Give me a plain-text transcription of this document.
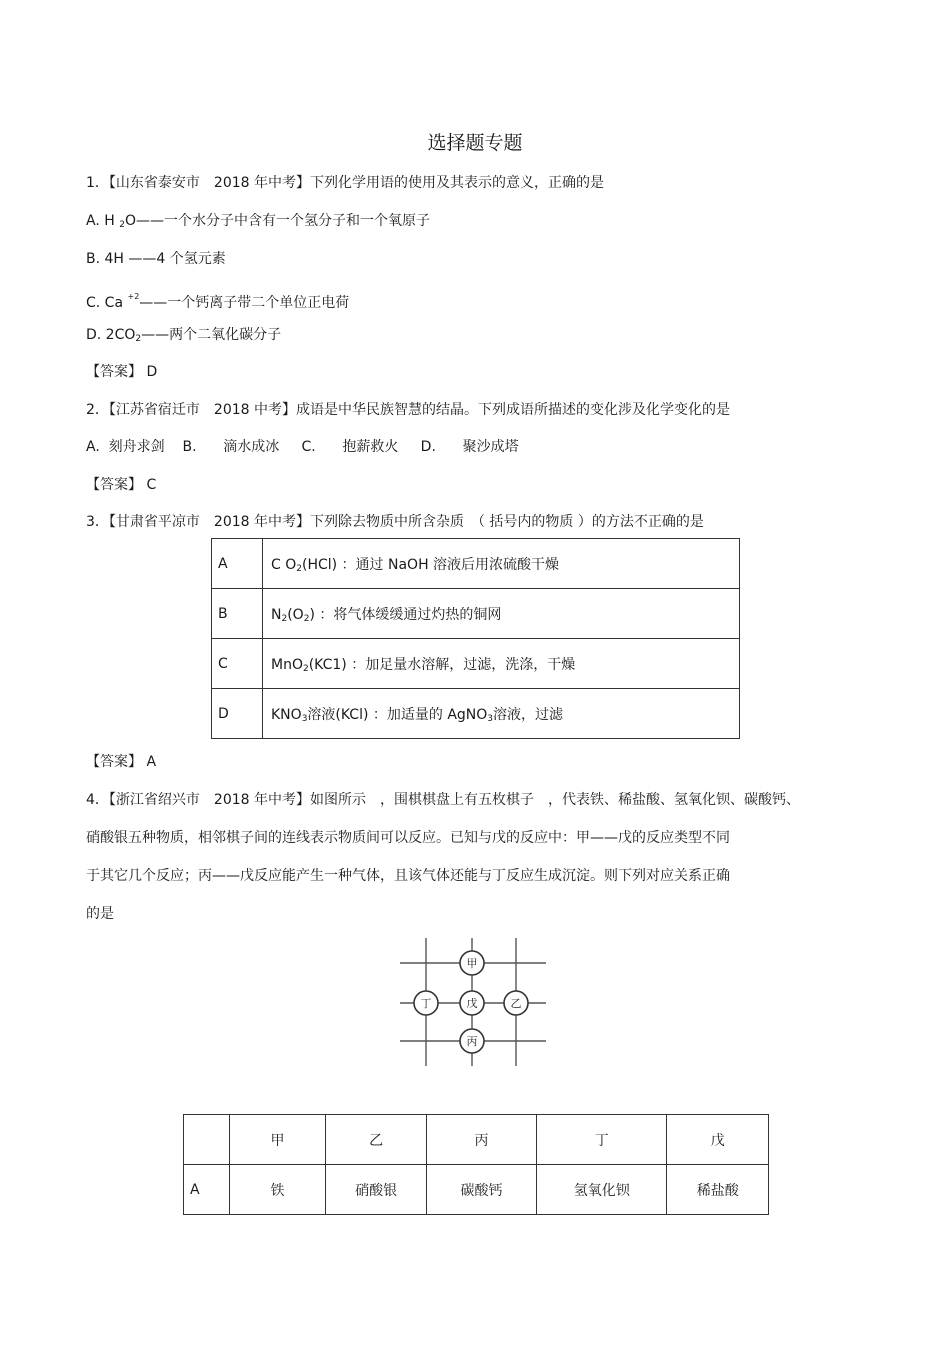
选择题专题
1．【山东省泰安市　2018 年中考】下列化学用语的使用及其表示的意义，正确的是
A. H $_2$O——一个水分子中含有一个氢分子和一个氧原子
B. 4H ——4 个氢元素
C. Ca $^{+2}$——一个钙离子带二个单位正电荷
D. $2CO_2——$两个二氧化碳分子
【答案】 D
2．【江苏省宿迁市　2018 中考】成语是中华民族智慧的结晶。下列成语所描述的变化涉及化学变化的是
A.  刻舟求剑    B.      滴水成冰     C.      抱薪救火     D.      聚沙成塔
【答案】 C
3．【甘肃省平凉市　2018 年中考】下列除去物质中所含杂质　（ 括号内的物质 ）的方法不正确的是
A	C $O_2(HCl)$ ：通过 NaOH 溶液后用浓硫酸干燥
B	$N_2(O_2)$ ：将气体缓缓通过灼热的铜网
C	MnO$_2$(KC1) ：加足量水溶解，过滤，洗涤，干燥
D	$KNO_3$溶液(KCl) ：加适量的 AgNO$_3$溶液，过滤
【答案】 A
4．【浙江省绍兴市　2018 年中考】如图所示　，围棋棋盘上有五枚棋子　，代表铁、稀盐酸、氢氧化钡、碳酸钙、
硝酸银五种物质，相邻棋子间的连线表示物质间可以反应。已知与戊的反应中：甲——戊的反应类型不同
于其它几个反应；丙——戊反应能产生一种气体，且该气体还能与丁反应生成沉淀。则下列对应关系正确
的是
甲
丁	戊	乙
丙
	甲	乙	丙	丁	戊
A	铁	硝酸银	碳酸钙	氢氧化钡	稀盐酸
